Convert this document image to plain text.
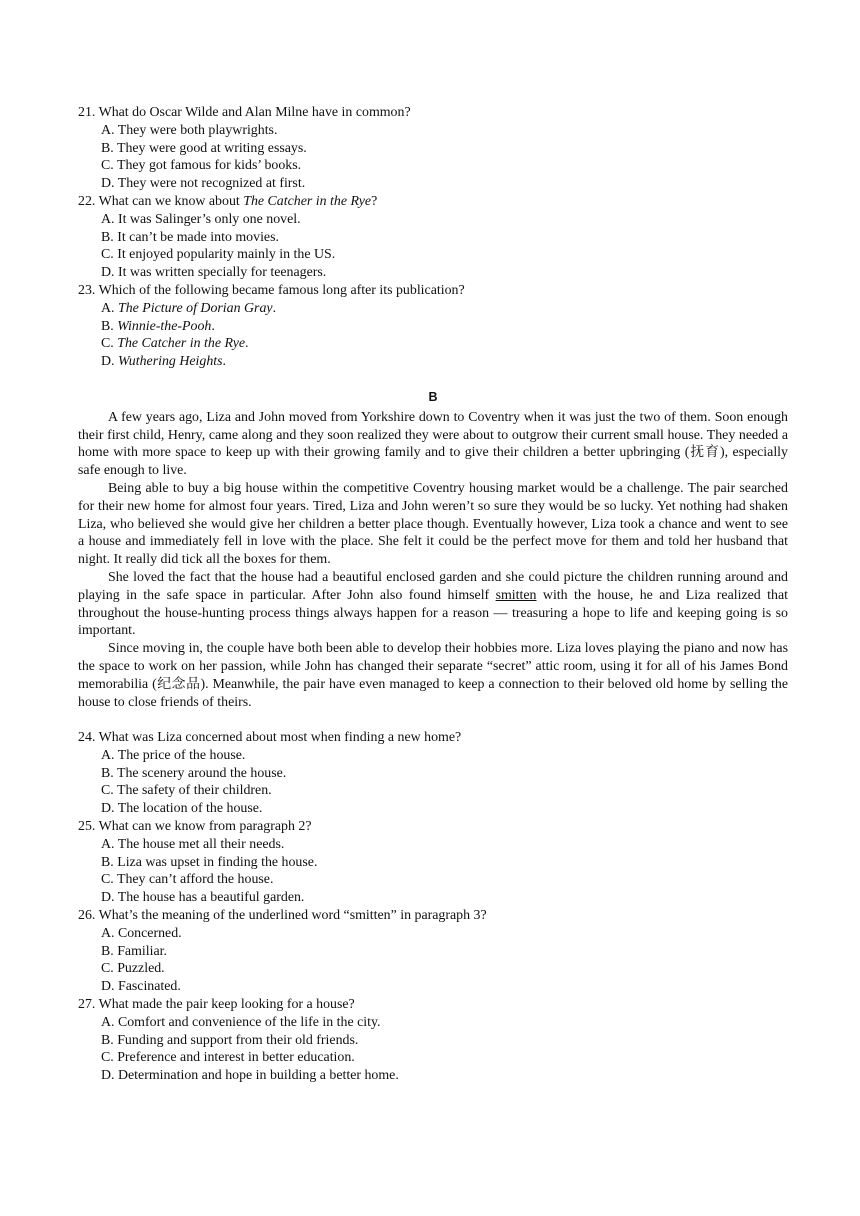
21. What do Oscar Wilde and Alan Milne have in common?

A. They were both playwrights.

B. They were good at writing essays.

C. They got famous for kids’ books.

D. They were not recognized at first.

22. What can we know about The Catcher in the Rye?

A. It was Salinger’s only one novel.

B. It can’t be made into movies.

C. It enjoyed popularity mainly in the US.

D. It was written specially for teenagers.

23. Which of the following became famous long after its publication?

A. The Picture of Dorian Gray.

B. Winnie-the-Pooh.

C. The Catcher in the Rye.

D. Wuthering Heights.

B

A few years ago, Liza and John moved from Yorkshire down to Coventry when it was just the two of them. Soon enough their first child, Henry, came along and they soon realized they were about to outgrow their current small house. They needed a home with more space to keep up with their growing family and to give their children a better upbringing (抚育), especially safe enough to live.

Being able to buy a big house within the competitive Coventry housing market would be a challenge. The pair searched for their new home for almost four years. Tired, Liza and John weren’t so sure they would be so lucky. Yet nothing had shaken Liza, who believed she would give her children a better place though. Eventually however, Liza took a chance and went to see a house and immediately fell in love with the place. She felt it could be the perfect move for them and told her husband that night. It really did tick all the boxes for them.

She loved the fact that the house had a beautiful enclosed garden and she could picture the children running around and playing in the safe space in particular. After John also found himself smitten with the house, he and Liza realized that throughout the house-hunting process things always happen for a reason — treasuring a hope to life and keeping going is so important.

Since moving in, the couple have both been able to develop their hobbies more. Liza loves playing the piano and now has the space to work on her passion, while John has changed their separate “secret” attic room, using it for all of his James Bond memorabilia (纪念品). Meanwhile, the pair have even managed to keep a connection to their beloved old home by selling the house to close friends of theirs.

24. What was Liza concerned about most when finding a new home?

A. The price of the house.

B. The scenery around the house.

C. The safety of their children.

D. The location of the house.

25. What can we know from paragraph 2?

A. The house met all their needs.

B. Liza was upset in finding the house.

C. They can’t afford the house.

D. The house has a beautiful garden.

26. What’s the meaning of the underlined word “smitten” in paragraph 3?

A. Concerned.

B. Familiar.

C. Puzzled.

D. Fascinated.

27. What made the pair keep looking for a house?

A. Comfort and convenience of the life in the city.

B. Funding and support from their old friends.

C. Preference and interest in better education.

D. Determination and hope in building a better home.
